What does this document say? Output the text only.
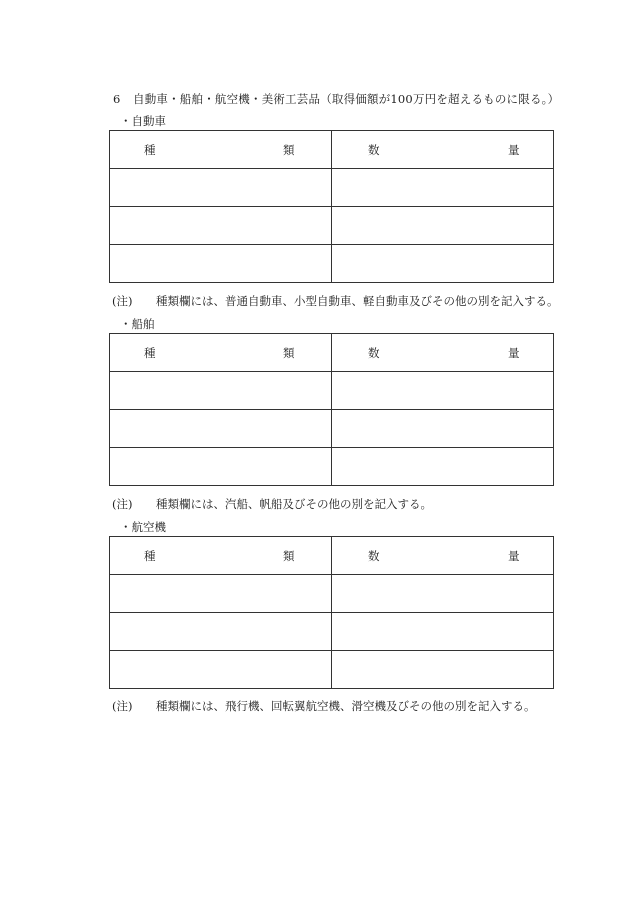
6 自動車・船舶・航空機・美術工芸品（取得価額が100万円を超えるものに限る。）
・自動車
種 類	数 量

(注) 種類欄には、普通自動車、小型自動車、軽自動車及びその他の別を記入する。
・船舶
種 類	数 量

(注) 種類欄には、汽船、帆船及びその他の別を記入する。
・航空機
種 類	数 量

(注) 種類欄には、飛行機、回転翼航空機、滑空機及びその他の別を記入する。
